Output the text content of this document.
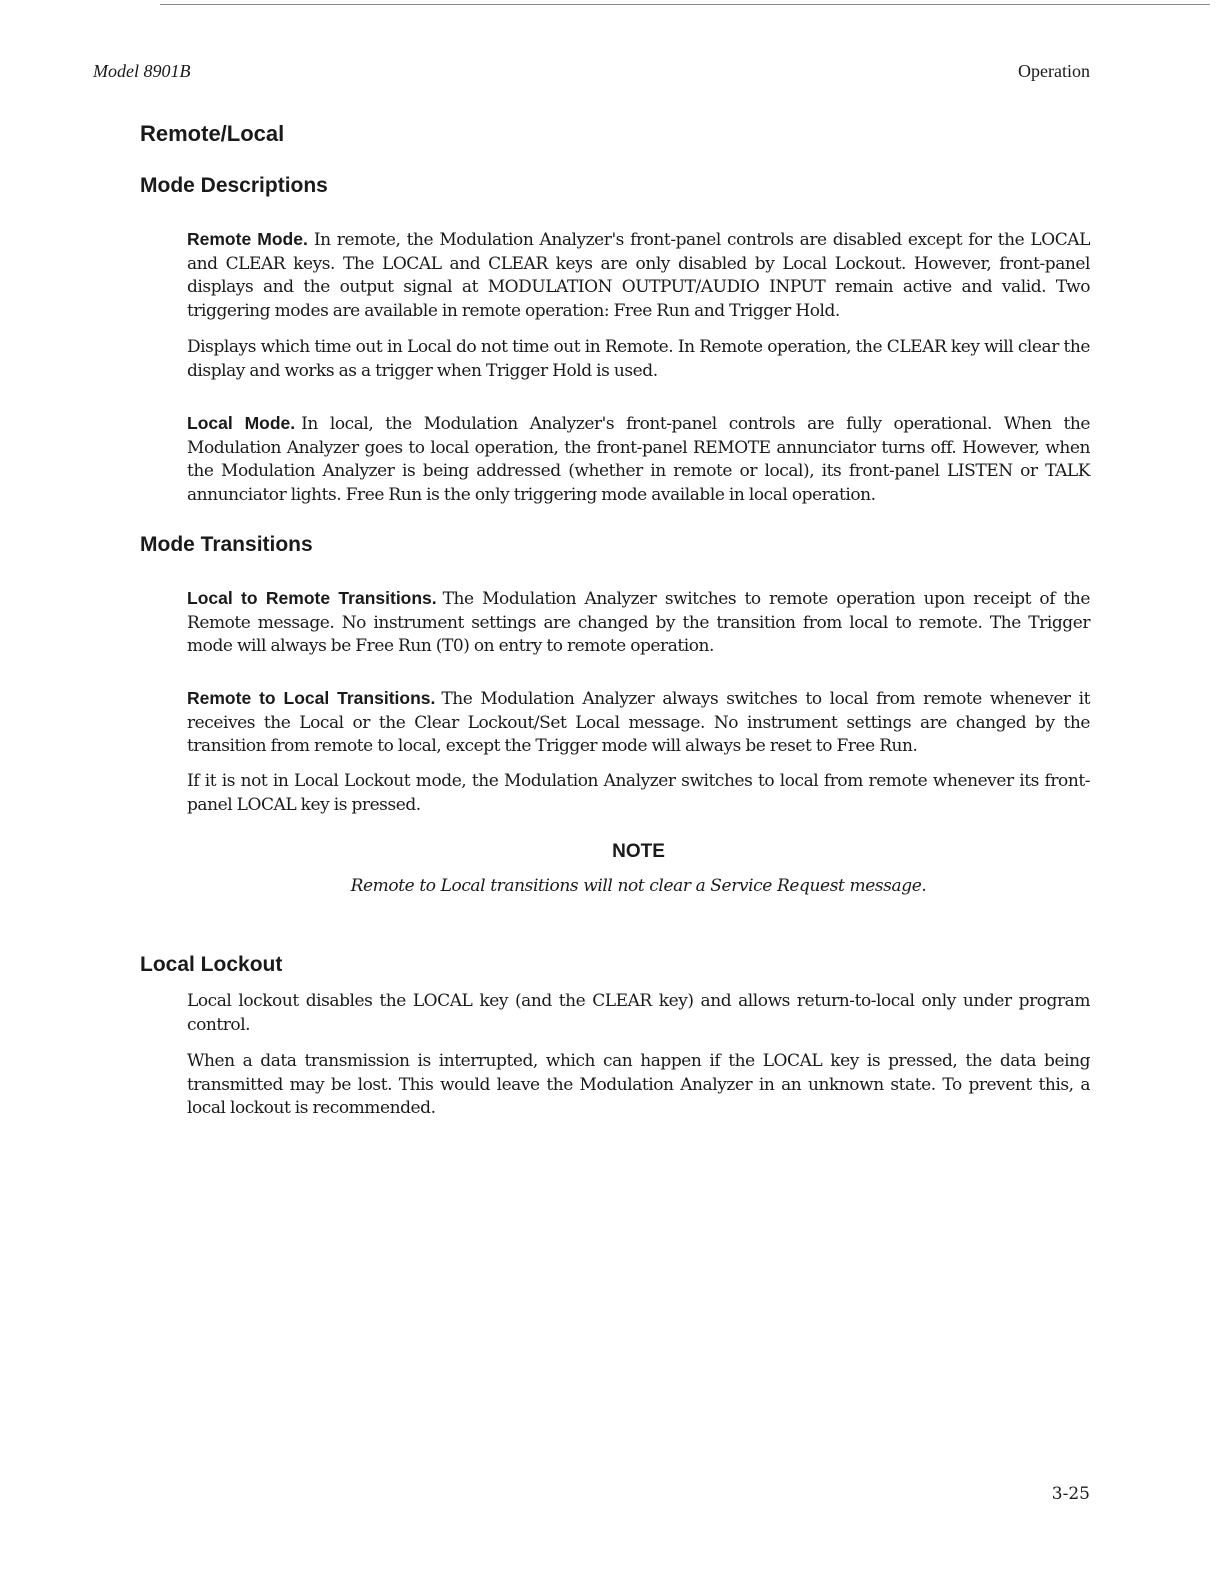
Model 8901B	Operation
Remote/Local
Mode Descriptions

Remote Mode. In remote, the Modulation Analyzer's front-panel controls are disabled except for the LOCAL and CLEAR keys. The LOCAL and CLEAR keys are only disabled by Local Lockout. However, front-panel displays and the output signal at MODULATION OUTPUT/AUDIO INPUT remain active and valid. Two triggering modes are available in remote operation: Free Run and Trigger Hold.

Displays which time out in Local do not time out in Remote. In Remote operation, the CLEAR key will clear the display and works as a trigger when Trigger Hold is used.

Local Mode. In local, the Modulation Analyzer's front-panel controls are fully operational. When the Modulation Analyzer goes to local operation, the front-panel REMOTE annunciator turns off. However, when the Modulation Analyzer is being addressed (whether in remote or local), its front-panel LISTEN or TALK annunciator lights. Free Run is the only triggering mode available in local operation.

Mode Transitions

Local to Remote Transitions. The Modulation Analyzer switches to remote operation upon receipt of the Remote message. No instrument settings are changed by the transition from local to remote. The Trigger mode will always be Free Run (T0) on entry to remote operation.

Remote to Local Transitions. The Modulation Analyzer always switches to local from remote whenever it receives the Local or the Clear Lockout/Set Local message. No instrument settings are changed by the transition from remote to local, except the Trigger mode will always be reset to Free Run.

If it is not in Local Lockout mode, the Modulation Analyzer switches to local from remote whenever its front-panel LOCAL key is pressed.

NOTE

Remote to Local transitions will not clear a Service Request message.

Local Lockout

Local lockout disables the LOCAL key (and the CLEAR key) and allows return-to-local only under program control.

When a data transmission is interrupted, which can happen if the LOCAL key is pressed, the data being transmitted may be lost. This would leave the Modulation Analyzer in an unknown state. To prevent this, a local lockout is recommended.

3-25
